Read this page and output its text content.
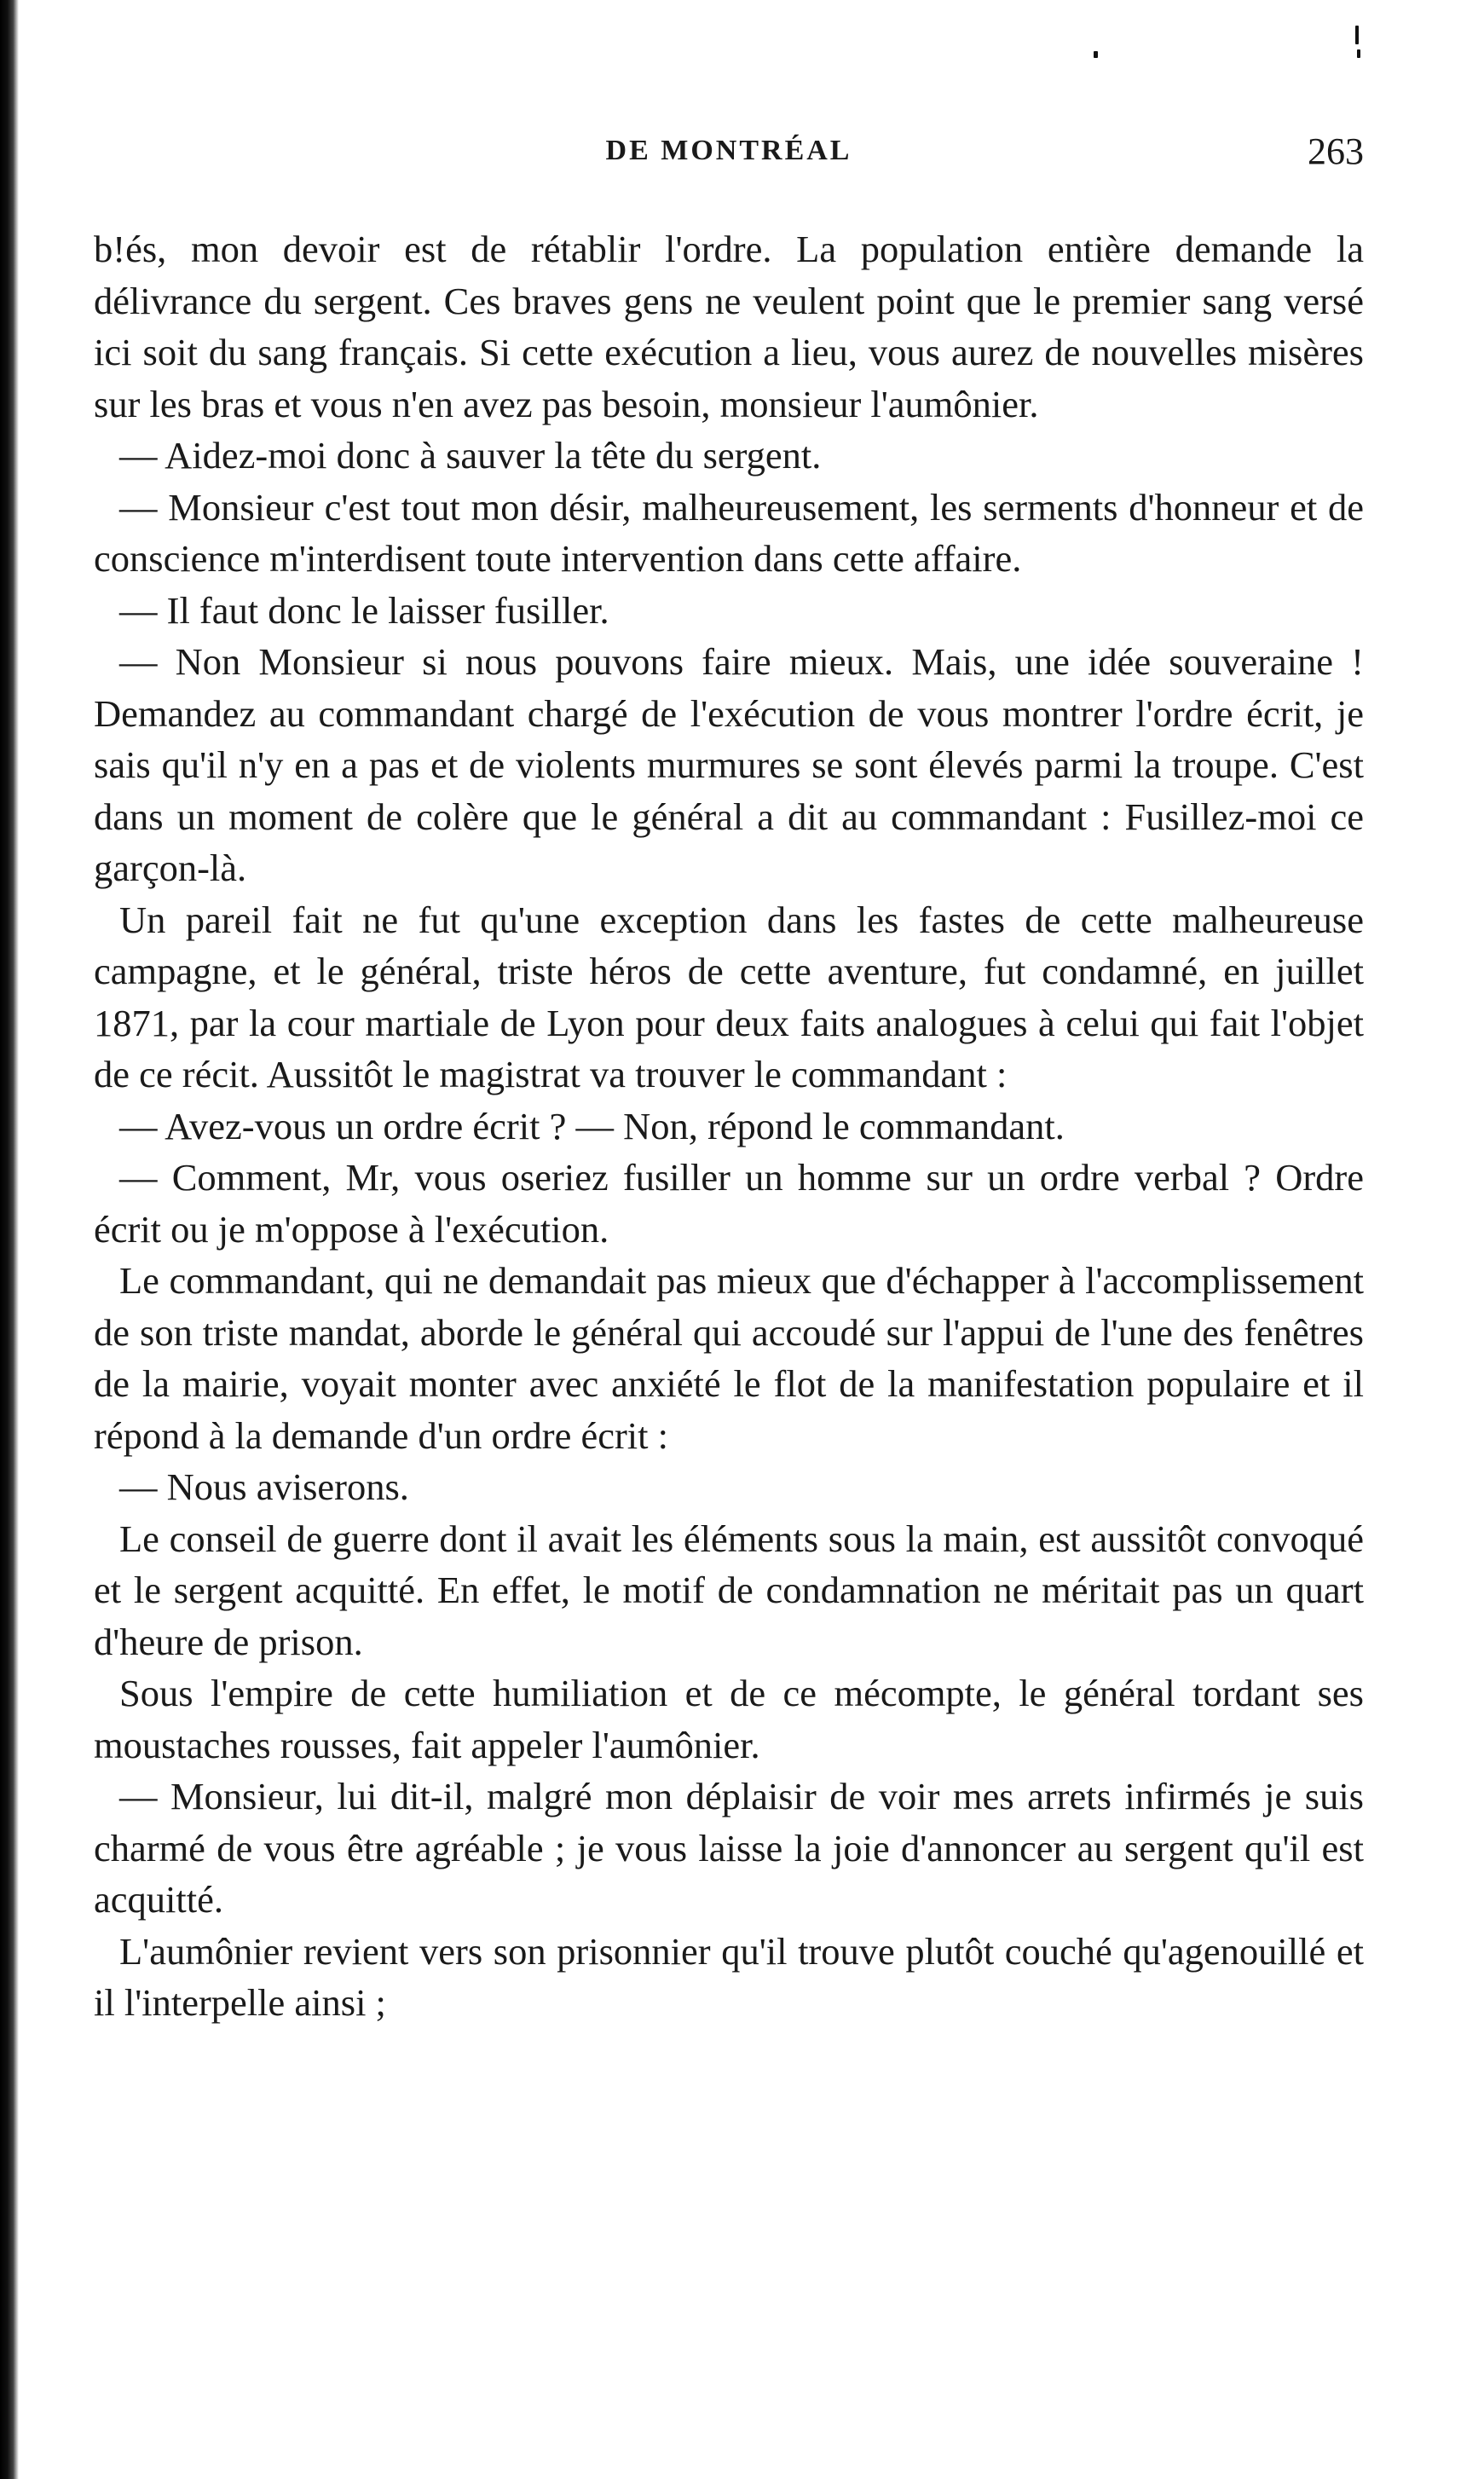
DE MONTRÉAL	263

b!és, mon devoir est de rétablir l'ordre. La population entière demande la délivrance du sergent. Ces braves gens ne veulent point que le premier sang versé ici soit du sang français. Si cette exécution a lieu, vous aurez de nouvelles misères sur les bras et vous n'en avez pas besoin, monsieur l'aumônier.

— Aidez-moi donc à sauver la tête du sergent.

— Monsieur c'est tout mon désir, malheureusement, les serments d'honneur et de conscience m'interdisent toute intervention dans cette affaire.

— Il faut donc le laisser fusiller.

— Non Monsieur si nous pouvons faire mieux. Mais, une idée souveraine ! Demandez au commandant chargé de l'exécution de vous montrer l'ordre écrit, je sais qu'il n'y en a pas et de violents murmures se sont élevés parmi la troupe. C'est dans un moment de colère que le général a dit au commandant : Fusillez-moi ce garçon-là.

Un pareil fait ne fut qu'une exception dans les fastes de cette malheureuse campagne, et le général, triste héros de cette aventure, fut condamné, en juillet 1871, par la cour martiale de Lyon pour deux faits analogues à celui qui fait l'objet de ce récit. Aussitôt le magistrat va trouver le commandant :

— Avez-vous un ordre écrit ? — Non, répond le commandant.

— Comment, Mr, vous oseriez fusiller un homme sur un ordre verbal ? Ordre écrit ou je m'oppose à l'exécution.

Le commandant, qui ne demandait pas mieux que d'échapper à l'accomplissement de son triste mandat, aborde le général qui accoudé sur l'appui de l'une des fenêtres de la mairie, voyait monter avec anxiété le flot de la manifestation populaire et il répond à la demande d'un ordre écrit :

— Nous aviserons.

Le conseil de guerre dont il avait les éléments sous la main, est aussitôt convoqué et le sergent acquitté. En effet, le motif de condamnation ne méritait pas un quart d'heure de prison.

Sous l'empire de cette humiliation et de ce mécompte, le général tordant ses moustaches rousses, fait appeler l'aumônier.

— Monsieur, lui dit-il, malgré mon déplaisir de voir mes arrets infirmés je suis charmé de vous être agréable ; je vous laisse la joie d'annoncer au sergent qu'il est acquitté.

L'aumônier revient vers son prisonnier qu'il trouve plutôt couché qu'agenouillé et il l'interpelle ainsi ;
